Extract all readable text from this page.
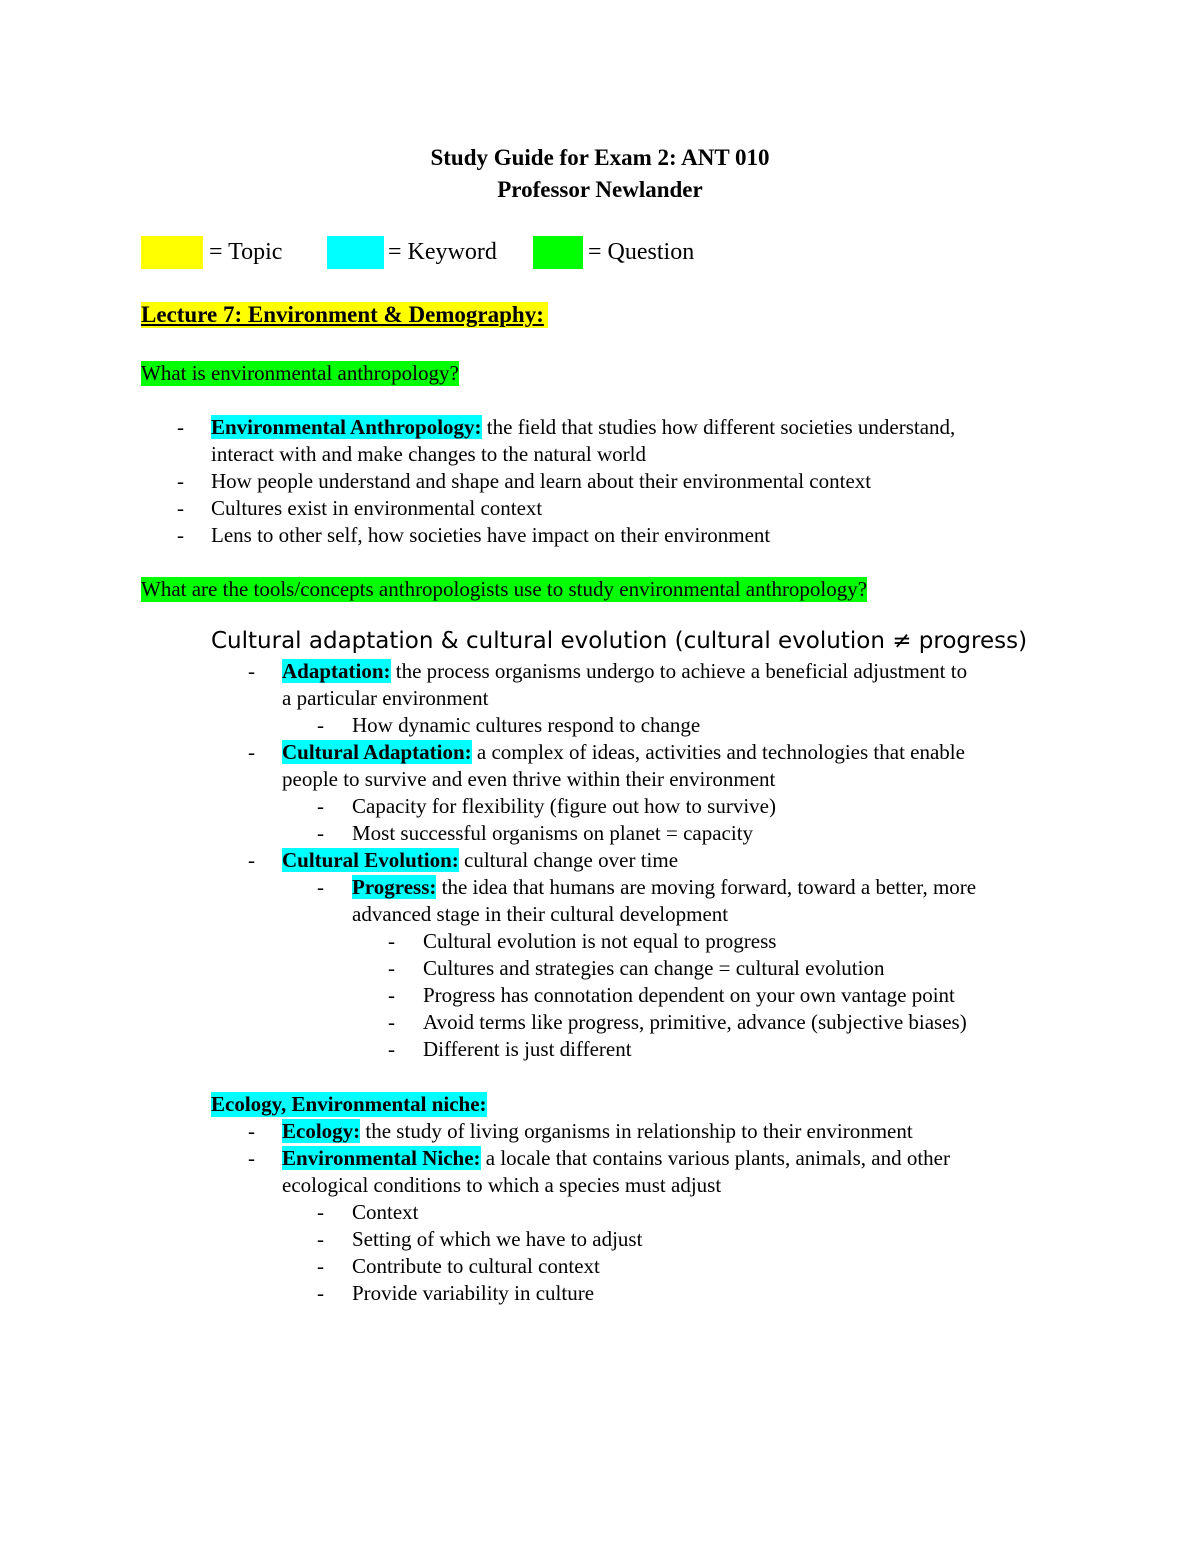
Study Guide for Exam 2: ANT 010
Professor Newlander
= Topic	= Keyword	= Question
Lecture 7: Environment & Demography:
What is environmental anthropology?
- Environmental Anthropology: the field that studies how different societies understand,
interact with and make changes to the natural world
- How people understand and shape and learn about their environmental context
- Cultures exist in environmental context
- Lens to other self, how societies have impact on their environment
What are the tools/concepts anthropologists use to study environmental anthropology?
Cultural adaptation & cultural evolution (cultural evolution ≠ progress)
- Adaptation: the process organisms undergo to achieve a beneficial adjustment to
a particular environment
- How dynamic cultures respond to change
- Cultural Adaptation: a complex of ideas, activities and technologies that enable
people to survive and even thrive within their environment
- Capacity for flexibility (figure out how to survive)
- Most successful organisms on planet = capacity
- Cultural Evolution: cultural change over time
- Progress: the idea that humans are moving forward, toward a better, more
advanced stage in their cultural development
- Cultural evolution is not equal to progress
- Cultures and strategies can change = cultural evolution
- Progress has connotation dependent on your own vantage point
- Avoid terms like progress, primitive, advance (subjective biases)
- Different is just different
Ecology, Environmental niche:
- Ecology: the study of living organisms in relationship to their environment
- Environmental Niche: a locale that contains various plants, animals, and other
ecological conditions to which a species must adjust
- Context
- Setting of which we have to adjust
- Contribute to cultural context
- Provide variability in culture
